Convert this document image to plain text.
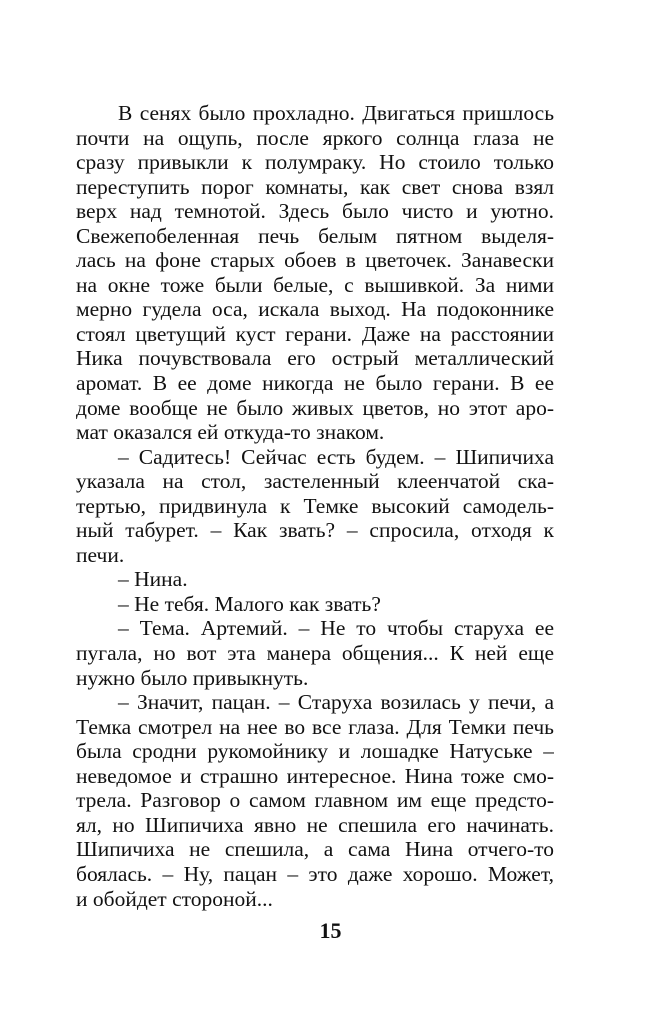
В сенях было прохладно. Двигаться пришлось
почти на ощупь, после яркого солнца глаза не
сразу привыкли к полумраку. Но стоило только
переступить порог комнаты, как свет снова взял
верх над темнотой. Здесь было чисто и уютно.
Свежепобеленная печь белым пятном выделя-
лась на фоне старых обоев в цветочек. Занавески
на окне тоже были белые, с вышивкой. За ними
мерно гудела оса, искала выход. На подоконнике
стоял цветущий куст герани. Даже на расстоянии
Ника почувствовала его острый металлический
аромат. В ее доме никогда не было герани. В ее
доме вообще не было живых цветов, но этот аро-
мат оказался ей откуда-то знаком.
– Садитесь! Сейчас есть будем. – Шипичиха
указала на стол, застеленный клеенчатой ска-
тертью, придвинула к Темке высокий самодель-
ный табурет. – Как звать? – спросила, отходя к
печи.
– Нина.
– Не тебя. Малого как звать?
– Тема. Артемий. – Не то чтобы старуха ее
пугала, но вот эта манера общения... К ней еще
нужно было привыкнуть.
– Значит, пацан. – Старуха возилась у печи, а
Темка смотрел на нее во все глаза. Для Темки печь
была сродни рукомойнику и лошадке Натуське –
неведомое и страшно интересное. Нина тоже смо-
трела. Разговор о самом главном им еще предсто-
ял, но Шипичиха явно не спешила его начинать.
Шипичиха не спешила, а сама Нина отчего-то
боялась. – Ну, пацан – это даже хорошо. Может,
и обойдет стороной...
15
